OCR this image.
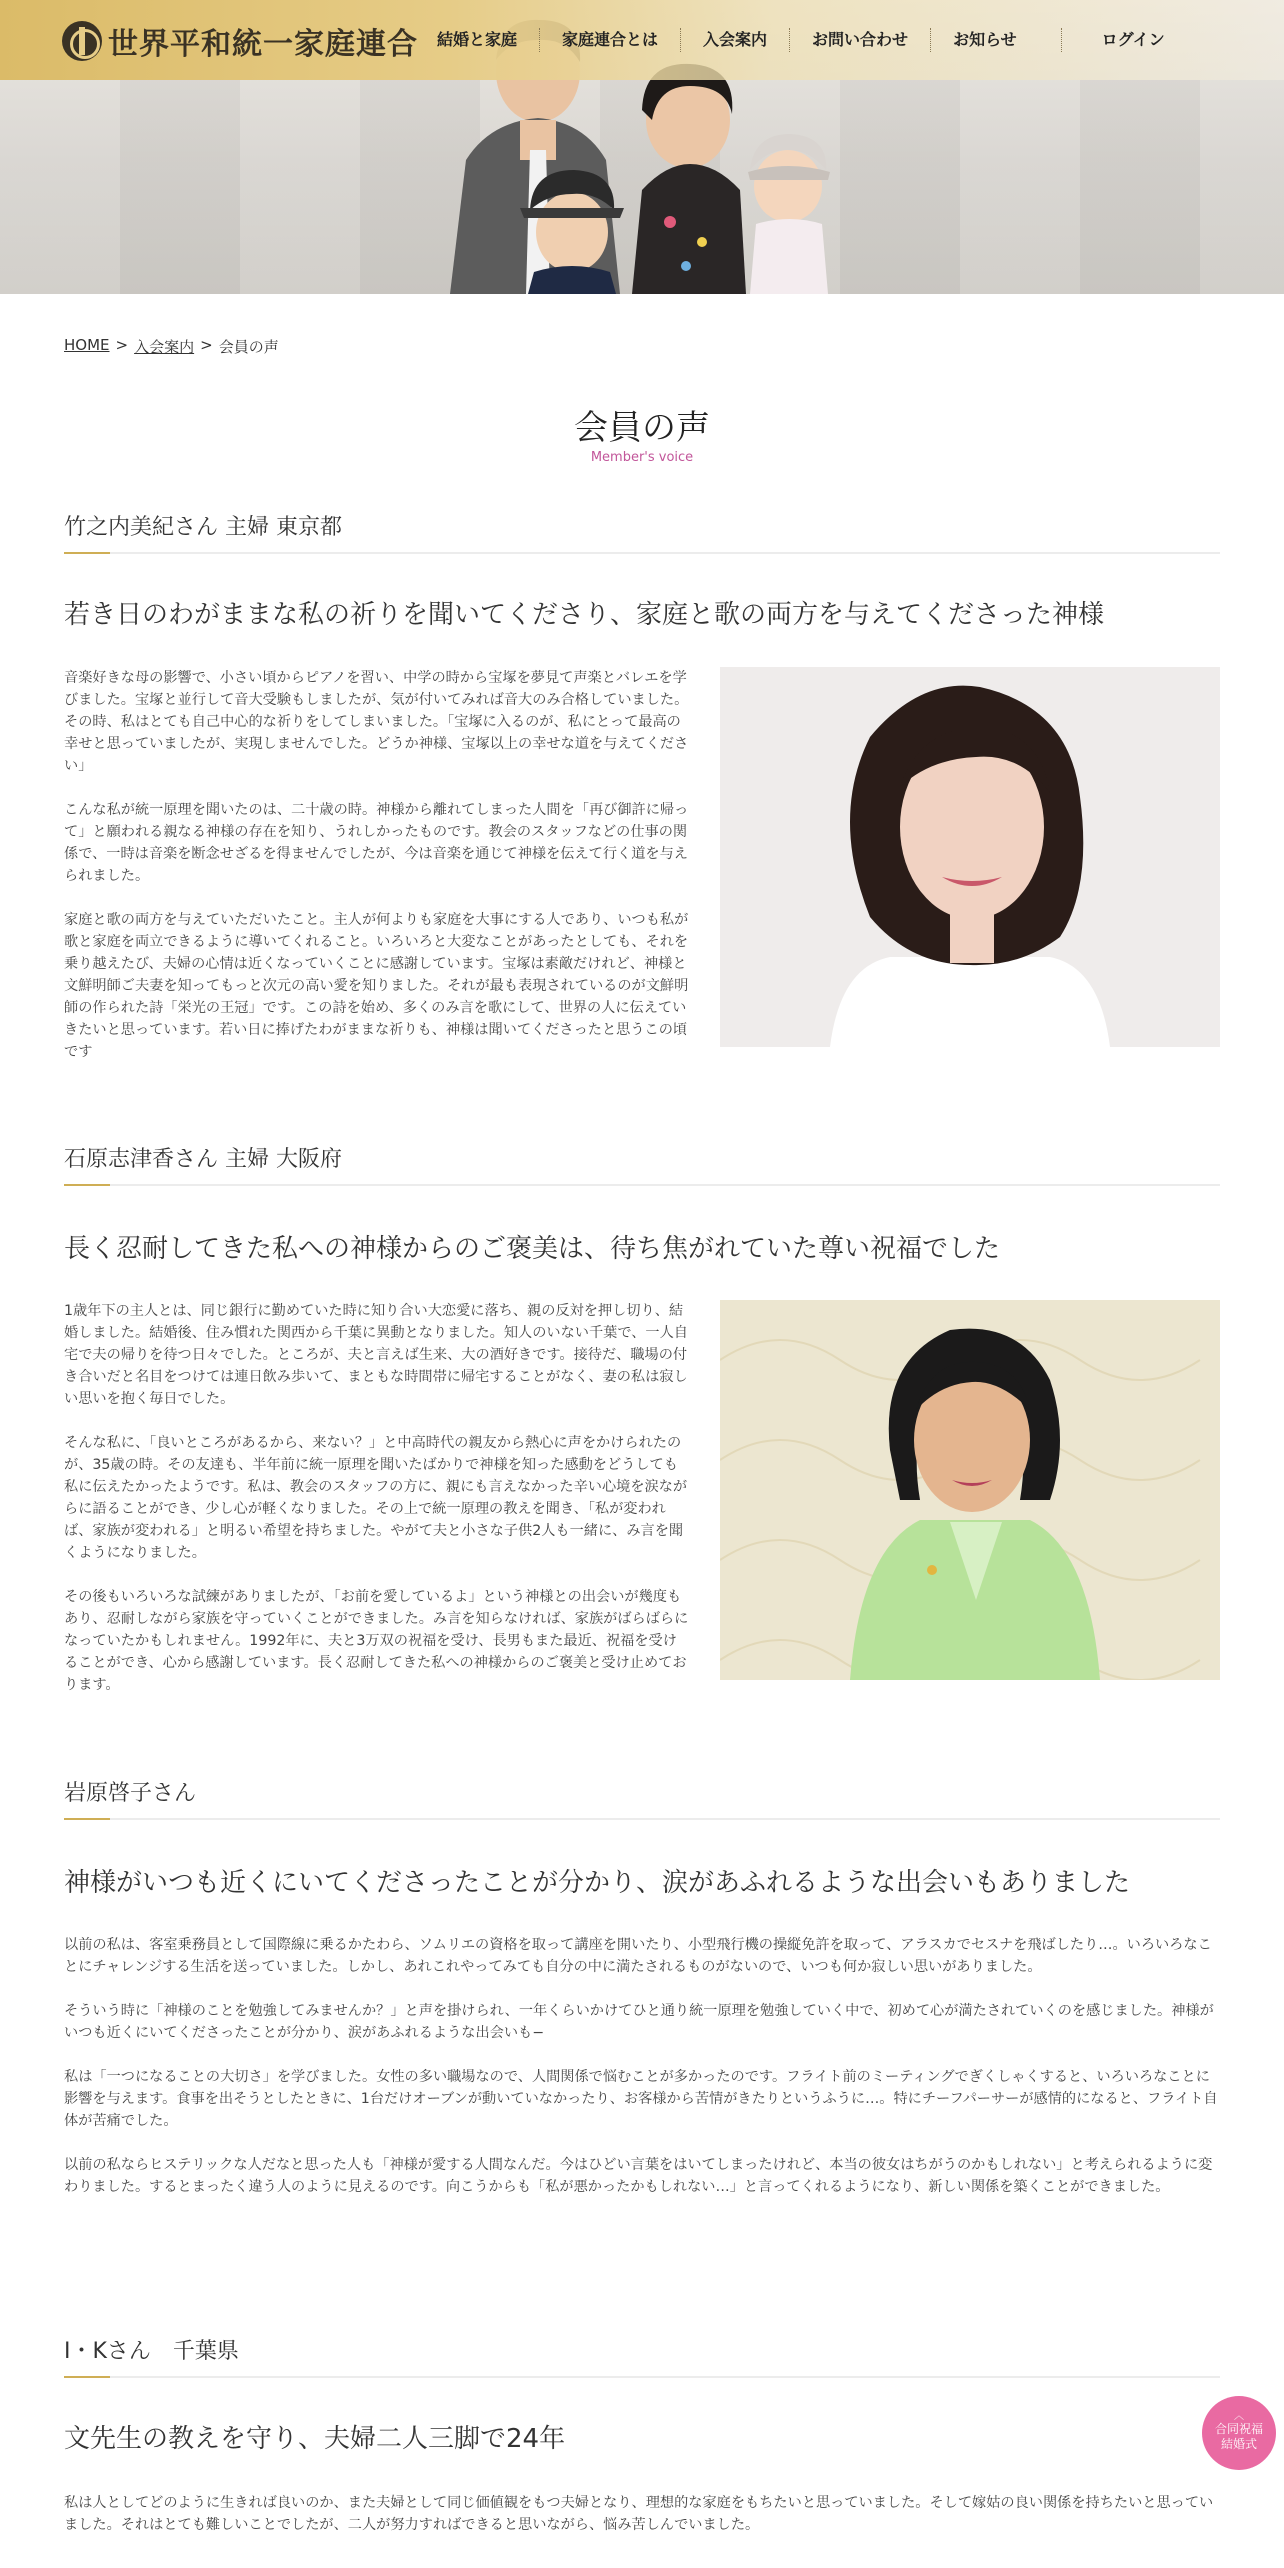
世界平和統一家庭連合	結婚と家庭	家庭連合とは	入会案内	お問い合わせ	お知らせ	ログイン
HOME > 入会案内 > 会員の声
会員の声
Member's voice
竹之内美紀さん 主婦 東京都
若き日のわがままな私の祈りを聞いてくださり、家庭と歌の両方を与えてくださった神様

音楽好きな母の影響で、小さい頃からピアノを習い、中学の時から宝塚を夢見て声楽とバレエを学びました。宝塚と並行して音大受験もしましたが、気が付いてみれば音大のみ合格していました。その時、私はとても自己中心的な祈りをしてしまいました。「宝塚に入るのが、私にとって最高の幸せと思っていましたが、実現しませんでした。どうか神様、宝塚以上の幸せな道を与えてください」

こんな私が統一原理を聞いたのは、二十歳の時。神様から離れてしまった人間を「再び御許に帰って」と願われる親なる神様の存在を知り、うれしかったものです。教会のスタッフなどの仕事の関係で、一時は音楽を断念せざるを得ませんでしたが、今は音楽を通じて神様を伝えて行く道を与えられました。

家庭と歌の両方を与えていただいたこと。主人が何よりも家庭を大事にする人であり、いつも私が歌と家庭を両立できるように導いてくれること。いろいろと大変なことがあったとしても、それを乗り越えたび、夫婦の心情は近くなっていくことに感謝しています。宝塚は素敵だけれど、神様と文鮮明師ご夫妻を知ってもっと次元の高い愛を知りました。それが最も表現されているのが文鮮明師の作られた詩「栄光の王冠」です。この詩を始め、多くのみ言を歌にして、世界の人に伝えていきたいと思っています。若い日に捧げたわがままな祈りも、神様は聞いてくださったと思うこの頃です

石原志津香さん 主婦 大阪府
長く忍耐してきた私への神様からのご褒美は、待ち焦がれていた尊い祝福でした

1歳年下の主人とは、同じ銀行に勤めていた時に知り合い大恋愛に落ち、親の反対を押し切り、結婚しました。結婚後、住み慣れた関西から千葉に異動となりました。知人のいない千葉で、一人自宅で夫の帰りを待つ日々でした。ところが、夫と言えば生来、大の酒好きです。接待だ、職場の付き合いだと名目をつけては連日飲み歩いて、まともな時間帯に帰宅することがなく、妻の私は寂しい思いを抱く毎日でした。

そんな私に、「良いところがあるから、来ない？」と中高時代の親友から熱心に声をかけられたのが、35歳の時。その友達も、半年前に統一原理を聞いたばかりで神様を知った感動をどうしても私に伝えたかったようです。私は、教会のスタッフの方に、親にも言えなかった辛い心境を涙ながらに語ることができ、少し心が軽くなりました。その上で統一原理の教えを聞き、「私が変われば、家族が変われる」と明るい希望を持ちました。やがて夫と小さな子供2人も一緒に、み言を聞くようになりました。

その後もいろいろな試練がありましたが、「お前を愛しているよ」という神様との出会いが幾度もあり、忍耐しながら家族を守っていくことができました。み言を知らなければ、家族がばらばらになっていたかもしれません。1992年に、夫と3万双の祝福を受け、長男もまた最近、祝福を受けることができ、心から感謝しています。長く忍耐してきた私への神様からのご褒美と受け止めております。

岩原啓子さん
神様がいつも近くにいてくださったことが分かり、涙があふれるような出会いもありました

以前の私は、客室乗務員として国際線に乗るかたわら、ソムリエの資格を取って講座を開いたり、小型飛行機の操縦免許を取って、アラスカでセスナを飛ばしたり…。いろいろなことにチャレンジする生活を送っていました。しかし、あれこれやってみても自分の中に満たされるものがないので、いつも何か寂しい思いがありました。

そういう時に「神様のことを勉強してみませんか？」と声を掛けられ、一年くらいかけてひと通り統一原理を勉強していく中で、初めて心が満たされていくのを感じました。神様がいつも近くにいてくださったことが分かり、涙があふれるような出会いも−

私は「一つになることの大切さ」を学びました。女性の多い職場なので、人間関係で悩むことが多かったのです。フライト前のミーティングでぎくしゃくすると、いろいろなことに影響を与えます。食事を出そうとしたときに、1台だけオーブンが動いていなかったり、お客様から苦情がきたりというふうに…。特にチーフパーサーが感情的になると、フライト自体が苦痛でした。

以前の私ならヒステリックな人だなと思った人も「神様が愛する人間なんだ。今はひどい言葉をはいてしまったけれど、本当の彼女はちがうのかもしれない」と考えられるように変わりました。するとまったく違う人のように見えるのです。向こうからも「私が悪かったかもしれない…」と言ってくれるようになり、新しい関係を築くことができました。

I・Kさん　千葉県
文先生の教えを守り、夫婦二人三脚で24年

私は人としてどのように生きれば良いのか、また夫婦として同じ価値観をもつ夫婦となり、理想的な家庭をもちたいと思っていました。そして嫁姑の良い関係を持ちたいと思っていました。それはとても難しいことでしたが、二人が努力すればできると思いながら、悩み苦しんでいました。

︿
合同祝福
結婚式
